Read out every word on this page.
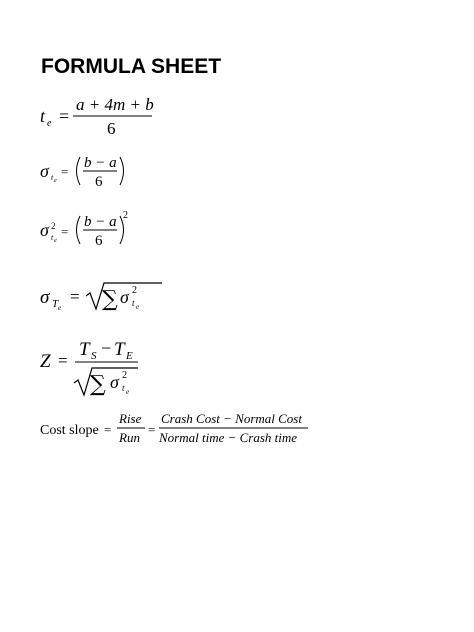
FORMULA SHEET
t e =
a + 4m + b
6
σ t e
=
b − a
6
σ 2
t e
=
b − a
6
2
σ T e
= ∑ σ 2
t e
Z =
T S − T E
∑ σ 2
t e
Cost slope =
Rise
Run
=
Crash Cost − Normal Cost
Normal time − Crash time
